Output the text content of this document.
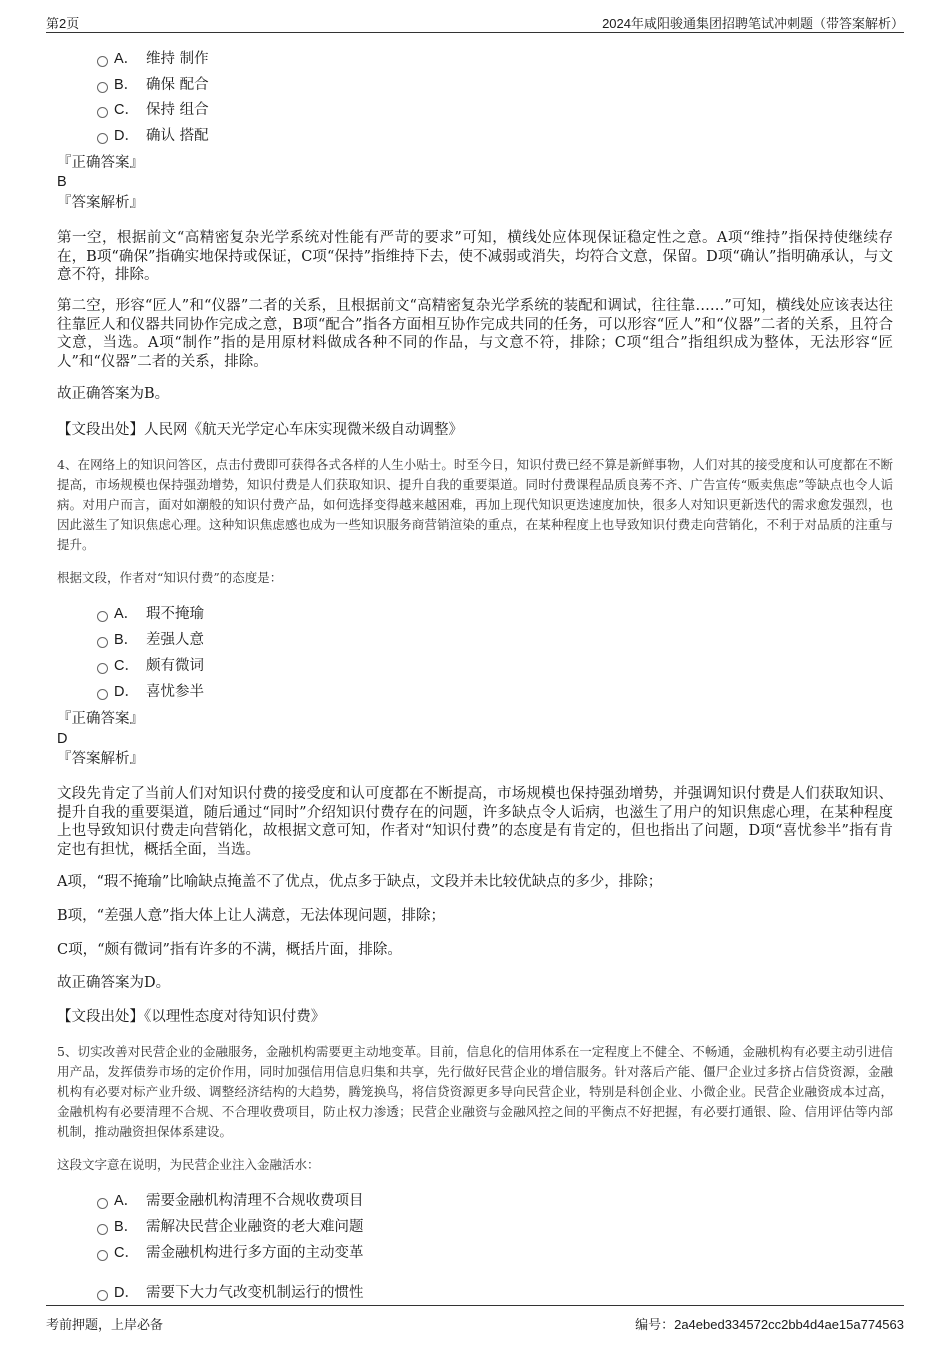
第2页	2024年咸阳骏通集团招聘笔试冲刺题（带答案解析）
A． 维持 制作
B． 确保 配合
C． 保持 组合
D． 确认 搭配
『正确答案』
B
『答案解析』
第一空，根据前文“高精密复杂光学系统对性能有严苛的要求”可知，横线处应体现保证稳定性之意。A项“维持”指保持使继续存在，B项“确保”指确实地保持或保证，C项“保持”指维持下去，使不减弱或消失，均符合文意，保留。D项“确认”指明确承认，与文意不符，排除。
第二空，形容“匠人”和“仪器”二者的关系，且根据前文“高精密复杂光学系统的装配和调试，往往靠……”可知，横线处应该表达往往靠匠人和仪器共同协作完成之意，B项“配合”指各方面相互协作完成共同的任务，可以形容“匠人”和“仪器”二者的关系，且符合文意，当选。A项“制作”指的是用原材料做成各种不同的作品，与文意不符，排除；C项“组合”指组织成为整体，无法形容“匠人”和“仪器”二者的关系，排除。
故正确答案为B。
【文段出处】人民网《航天光学定心车床实现微米级自动调整》
4、在网络上的知识问答区，点击付费即可获得各式各样的人生小贴士。时至今日，知识付费已经不算是新鲜事物，人们对其的接受度和认可度都在不断提高，市场规模也保持强劲增势，知识付费是人们获取知识、提升自我的重要渠道。同时付费课程品质良莠不齐、广告宣传“贩卖焦虑”等缺点也令人诟病。对用户而言，面对如潮般的知识付费产品，如何选择变得越来越困难，再加上现代知识更迭速度加快，很多人对知识更新迭代的需求愈发强烈，也因此滋生了知识焦虑心理。这种知识焦虑感也成为一些知识服务商营销渲染的重点，在某种程度上也导致知识付费走向营销化，不利于对品质的注重与提升。
根据文段，作者对“知识付费”的态度是：
A． 瑕不掩瑜
B． 差强人意
C． 颇有微词
D． 喜忧参半
『正确答案』
D
『答案解析』
文段先肯定了当前人们对知识付费的接受度和认可度都在不断提高，市场规模也保持强劲增势，并强调知识付费是人们获取知识、提升自我的重要渠道，随后通过“同时”介绍知识付费存在的问题，许多缺点令人诟病，也滋生了用户的知识焦虑心理，在某种程度上也导致知识付费走向营销化，故根据文意可知，作者对“知识付费”的态度是有肯定的，但也指出了问题，D项“喜忧参半”指有肯定也有担忧，概括全面，当选。
A项，“瑕不掩瑜”比喻缺点掩盖不了优点，优点多于缺点，文段并未比较优缺点的多少，排除；
B项，“差强人意”指大体上让人满意，无法体现问题，排除；
C项，“颇有微词”指有许多的不满，概括片面，排除。
故正确答案为D。
【文段出处】《以理性态度对待知识付费》
5、切实改善对民营企业的金融服务，金融机构需要更主动地变革。目前，信息化的信用体系在一定程度上不健全、不畅通，金融机构有必要主动引进信用产品，发挥债券市场的定价作用，同时加强信用信息归集和共享，先行做好民营企业的增信服务。针对落后产能、僵尸企业过多挤占信贷资源，金融机构有必要对标产业升级、调整经济结构的大趋势，腾笼换鸟，将信贷资源更多导向民营企业，特别是科创企业、小微企业。民营企业融资成本过高，金融机构有必要清理不合规、不合理收费项目，防止权力渗透；民营企业融资与金融风控之间的平衡点不好把握，有必要打通银、险、信用评估等内部机制，推动融资担保体系建设。
这段文字意在说明，为民营企业注入金融活水：
A． 需要金融机构清理不合规收费项目
B． 需解决民营企业融资的老大难问题
C． 需金融机构进行多方面的主动变革
D． 需要下大力气改变机制运行的惯性
考前押题，上岸必备	编号：2a4ebed334572cc2bb4d4ae15a774563
